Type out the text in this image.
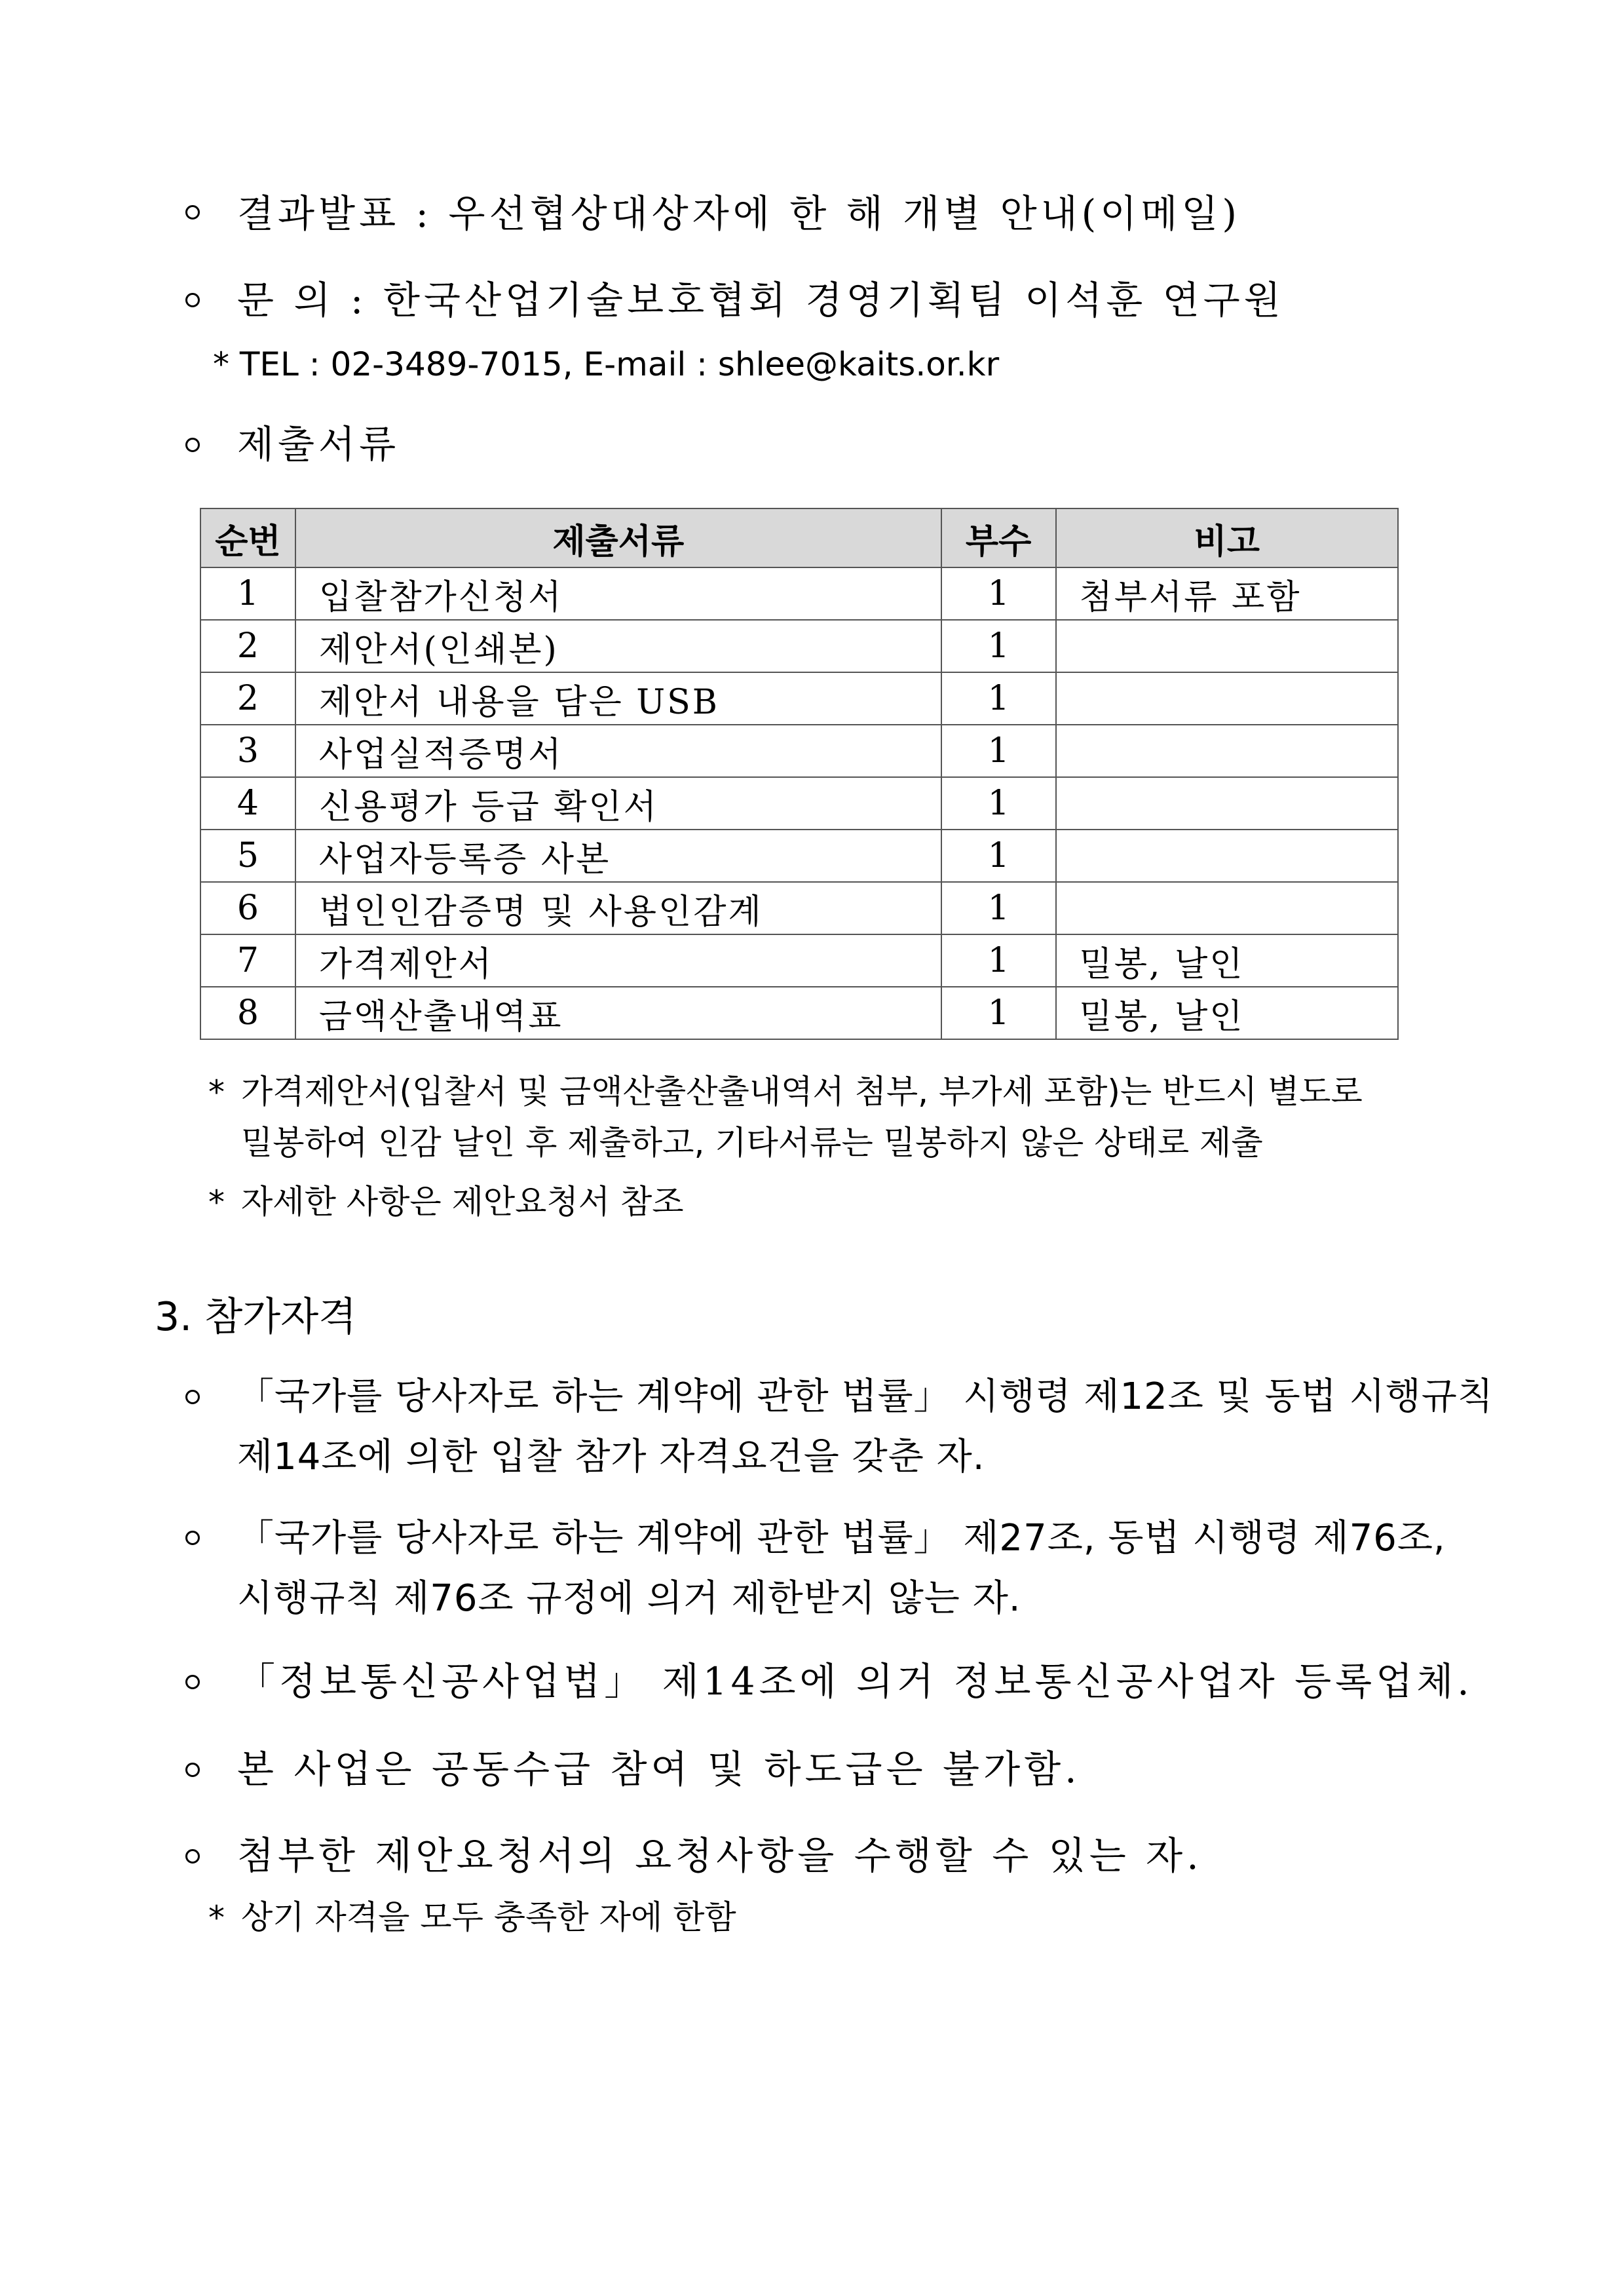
결과발표 : 우선협상대상자에 한 해 개별 안내(이메일)
문 의 : 한국산업기술보호협회 경영기획팀 이석훈 연구원
* TEL : 02-3489-7015, E-mail : shlee@kaits.or.kr
제출서류
순번	제출서류	부수	비고
1	입찰참가신청서	1	첨부서류 포함
2	제안서(인쇄본)	1	
2	제안서 내용을 담은 USB	1	
3	사업실적증명서	1	
4	신용평가 등급 확인서	1	
5	사업자등록증 사본	1	
6	법인인감증명 및 사용인감계	1	
7	가격제안서	1	밀봉, 날인
8	금액산출내역표	1	밀봉, 날인
* 가격제안서(입찰서 및 금액산출산출내역서 첨부, 부가세 포함)는 반드시 별도로
밀봉하여 인감 날인 후 제출하고, 기타서류는 밀봉하지 않은 상태로 제출
* 자세한 사항은 제안요청서 참조
3. 참가자격
「국가를 당사자로 하는 계약에 관한 법률」 시행령 제12조 및 동법 시행규칙
제14조에 의한 입찰 참가 자격요건을 갖춘 자.
「국가를 당사자로 하는 계약에 관한 법률」 제27조, 동법 시행령 제76조,
시행규칙 제76조 규정에 의거 제한받지 않는 자.
「정보통신공사업법」 제14조에 의거 정보통신공사업자 등록업체.
본 사업은 공동수급 참여 및 하도급은 불가함.
첨부한 제안요청서의 요청사항을 수행할 수 있는 자.
* 상기 자격을 모두 충족한 자에 한함
